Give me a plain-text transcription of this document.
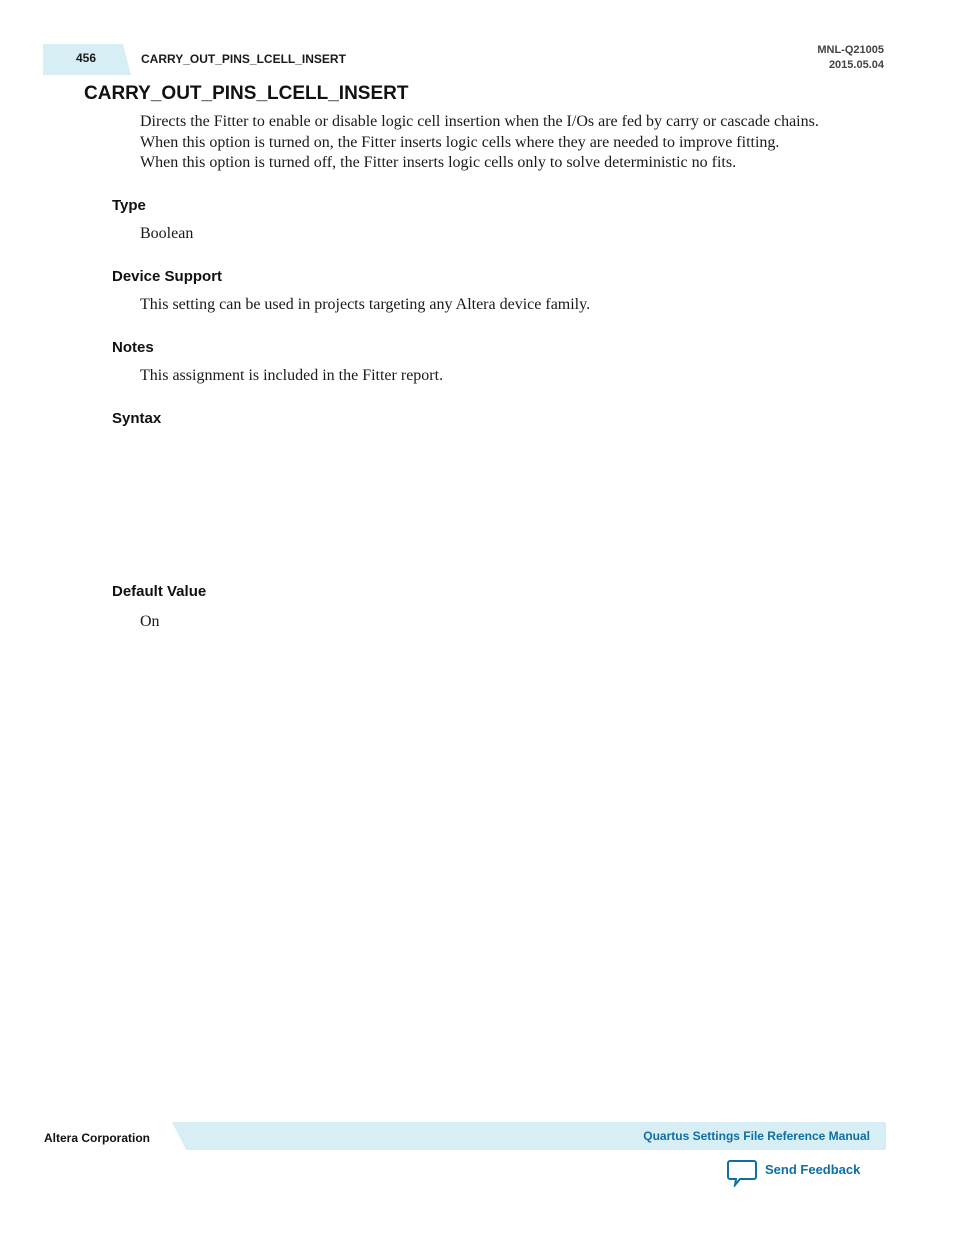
456	CARRY_OUT_PINS_LCELL_INSERT
MNL-Q21005
2015.05.04
CARRY_OUT_PINS_LCELL_INSERT

Directs the Fitter to enable or disable logic cell insertion when the I/Os are fed by carry or cascade chains.

When this option is turned on, the Fitter inserts logic cells where they are needed to improve fitting.

When this option is turned off, the Fitter inserts logic cells only to solve deterministic no fits.

Type
Boolean
Device Support
This setting can be used in projects targeting any Altera device family.
Notes
This assignment is included in the Fitter report.
Syntax
Default Value
On
Altera Corporation	Quartus Settings File Reference Manual
Send Feedback
